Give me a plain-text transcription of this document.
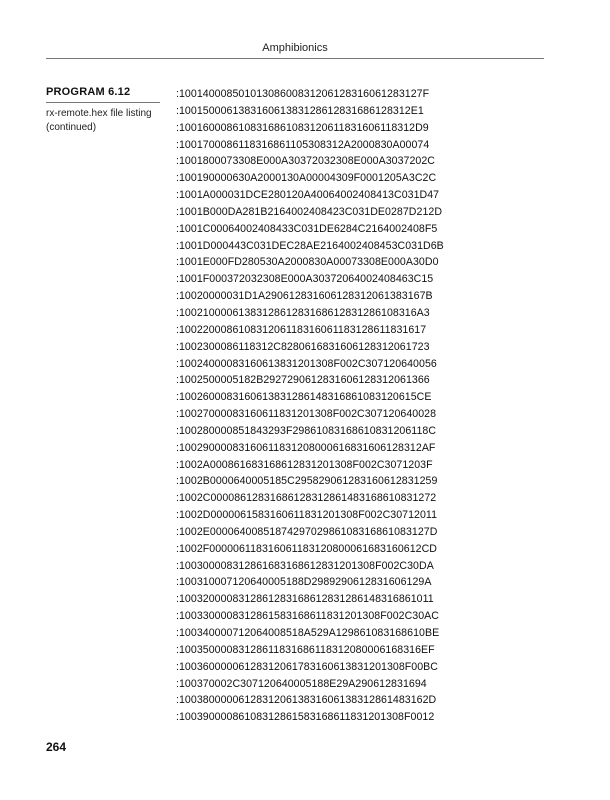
Amphibionics
PROGRAM 6.12
rx-remote.hex file listing
(continued)
:10014000850101308600831206128316061283127F
:100150006138316061383128612831686128312E1
:1001600086108316861083120611831606118312D9
:1001700086118316861105308312A2000830A00074
:1001800073308E000A30372032308E000A3037202C
:100190000630A2000130A00004309F0001205A3C2C
:1001A000031DCE280120A40064002408413C031D47
:1001B000DA281B2164002408423C031DE0287D212D
:1001C00064002408433C031DE6284C2164002408F5
:1001D000443C031DEC28AE2164002408453C031D6B
:1001E000FD280530A2000830A00073308E000A30D0
:1001F000372032308E000A30372064002408463C15
:10020000031D1A290612831606128312061383167B
:1002100006138312861283168612831286108316A3
:100220008610831206118316061183128611831617
:1002300086118312C8280616831606128312061723
:10024000083160613831201308F002C307120640056
:1002500005182B2927290612831606128312061366
:1002600083160613831286148316861083120615CE
:10027000083160611831201308F002C307120640028
:100280000851843293F29861083168610831206118C
:10029000083160611831208000616831606128312AF
:1002A000861683168612831201308F002C3071203F
:1002B0000640005185C295829061283160612831259
:1002C00008612831686128312861483168610831272
:1002D0000061583160611831201308F002C30712011
:1002E0000640085187429702986108316861083127D
:1002F000006118316061183120800061683160612CD
:100300008312861683168612831201308F002C30DA
:100310007120640005188D2989290612831606129A
:1003200008312861283168612831286148316861011
:1003300008312861583168611831201308F002C30AC
:100340000712064008518A529A129861083168610BE
:10035000083128611831686118312080006168316EF
:10036000006128312061783160613831201308F00BC
:100370002C307120640005188E29A290612831694
:100380000061283120613831606138312861483162D
:10039000086108312861583168611831201308F0012
264
